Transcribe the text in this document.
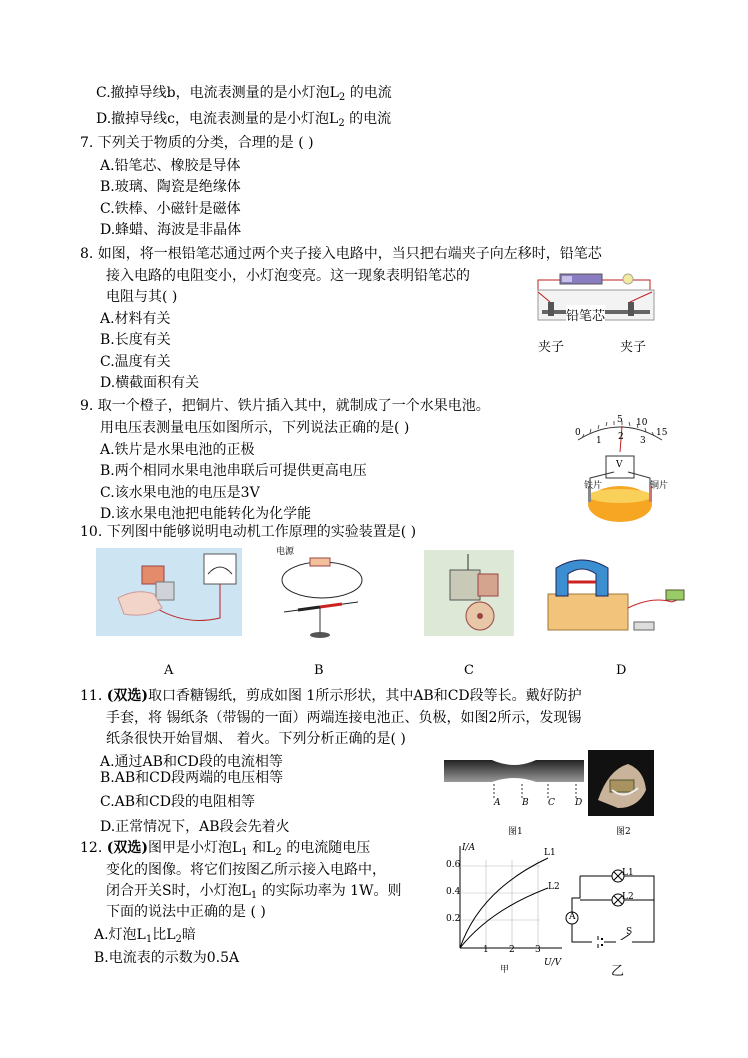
C.撤掉导线b，电流表测量的是小灯泡$L_2$ 的电流
D.撤掉导线c，电流表测量的是小灯泡$L_2$ 的电流
7. 下列关于物质的分类，合理的是 ( )
A.铅笔芯、橡胶是导体
B.玻璃、陶瓷是绝缘体
C.铁棒、小磁针是磁体
D.蜂蜡、海波是非晶体
8. 如图，将一根铅笔芯通过两个夹子接入电路中，当只把右端夹子向左移时，铅笔芯
接入电路的电阻变小，小灯泡变亮。这一现象表明铅笔芯的
电阻与其( )
A.材料有关
B.长度有关
C.温度有关
D.横截面积有关
铅笔芯
夹子	夹子
9. 取一个橙子，把铜片、铁片插入其中，就制成了一个水果电池。
用电压表测量电压如图所示，下列说法正确的是( )
A.铁片是水果电池的正极
B.两个相同水果电池串联后可提供更高电压
C.该水果电池的电压是3V
D.该水果电池把电能转化为化学能
0
5 10
15
1 2 3
V
铁片	铜片
10. 下列图中能够说明电动机工作原理的实验装置是( )
电源
A	B	C	D
11. (双选)取口香糖锡纸，剪成如图 1所示形状，其中AB和CD段等长。戴好防护
手套，将 锡纸条（带锡的一面）两端连接电池正、负极，如图2所示，发现锡
纸条很快开始冒烟、 着火。下列分析正确的是( )
A.通过AB和CD段的电流相等
B.AB和CD段两端的电压相等
C.AB和CD段的电阻相等
D.正常情况下，AB段会先着火
A B C D
图1	图2
12. (双选)图甲是小灯泡$L_1$ 和$L_2$ 的电流随电压
变化的图像。将它们按图乙所示接入电路中，
闭合开关S时，小灯泡$L_1$ 的实际功率为 1W。则
下面的说法中正确的是 ( )
A.灯泡$L_1$比$L_2$暗
B.电流表的示数为0.5A
I/A
0.6
0.4
0.2
1 2 3
U/V
L1
L2
甲
L1
L2
A
S
乙
